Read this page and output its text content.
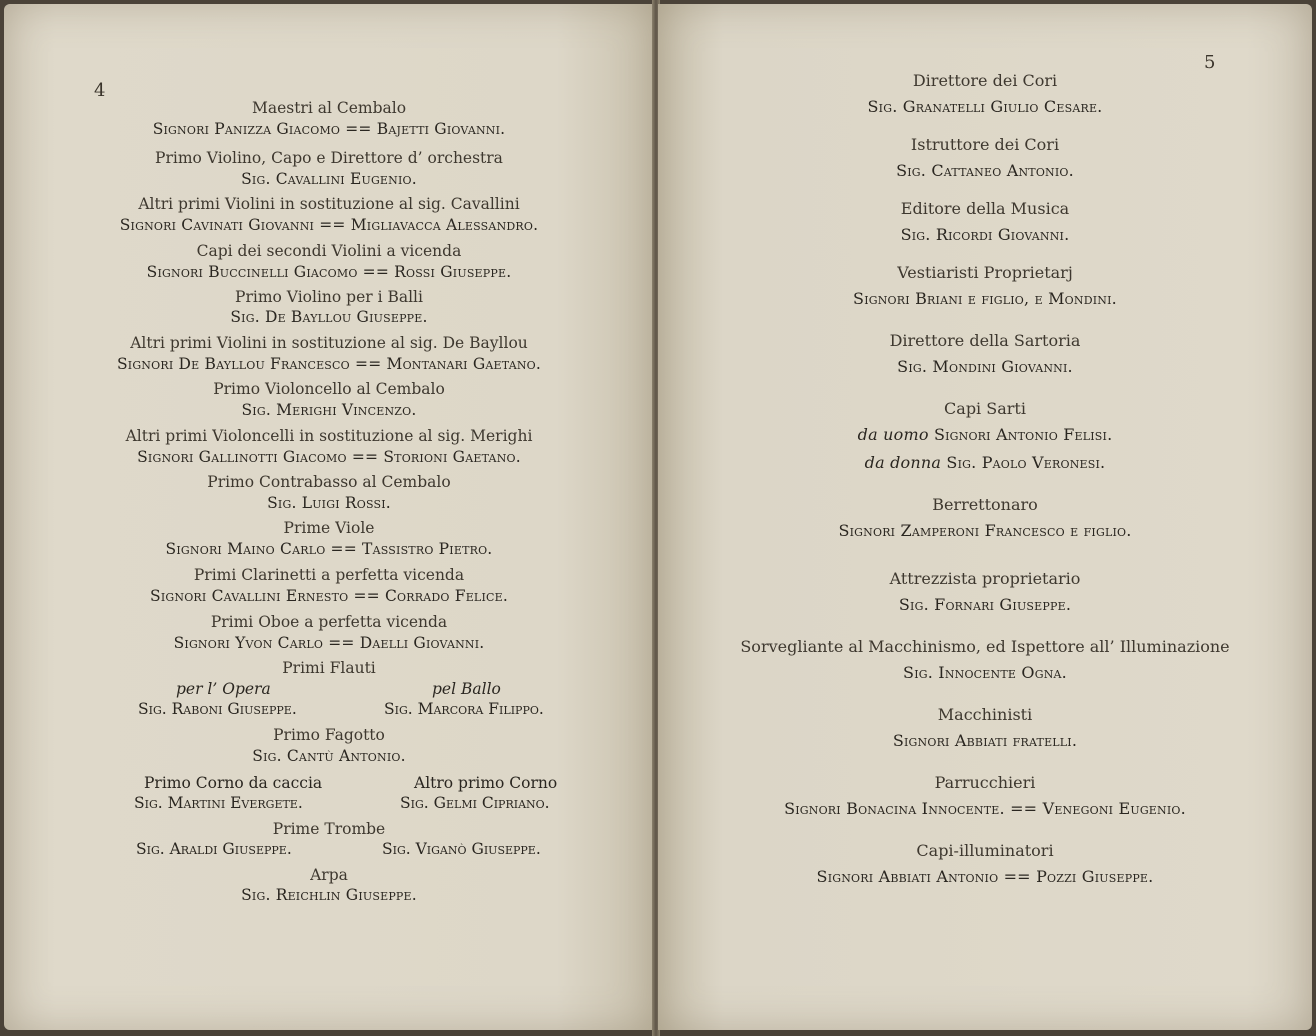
4
Maestri al Cembalo
Signori Panizza Giacomo == Bajetti Giovanni.
Primo Violino, Capo e Direttore d’ orchestra
Sig. Cavallini Eugenio.
Altri primi Violini in sostituzione al sig. Cavallini
Signori Cavinati Giovanni == Migliavacca Alessandro.
Capi dei secondi Violini a vicenda
Signori Buccinelli Giacomo == Rossi Giuseppe.
Primo Violino per i Balli
Sig. De Bayllou Giuseppe.
Altri primi Violini in sostituzione al sig. De Bayllou
Signori De Bayllou Francesco == Montanari Gaetano.
Primo Violoncello al Cembalo
Sig. Merighi Vincenzo.
Altri primi Violoncelli in sostituzione al sig. Merighi
Signori Gallinotti Giacomo == Storioni Gaetano.
Primo Contrabasso al Cembalo
Sig. Luigi Rossi.
Prime Viole
Signori Maino Carlo == Tassistro Pietro.
Primi Clarinetti a perfetta vicenda
Signori Cavallini Ernesto == Corrado Felice.
Primi Oboe a perfetta vicenda
Signori Yvon Carlo == Daelli Giovanni.
Primi Flauti
per l’ Opera	pel Ballo
Sig. Raboni Giuseppe.	Sig. Marcora Filippo.
Primo Fagotto
Sig. Cantù Antonio.
Primo Corno da caccia	Altro primo Corno
Sig. Martini Evergete.	Sig. Gelmi Cipriano.
Prime Trombe
Sig. Araldi Giuseppe.	Sig. Viganò Giuseppe.
Arpa
Sig. Reichlin Giuseppe.
5
Direttore dei Cori
Sig. Granatelli Giulio Cesare.
Istruttore dei Cori
Sig. Cattaneo Antonio.
Editore della Musica
Sig. Ricordi Giovanni.
Vestiaristi Proprietarj
Signori Briani e figlio, e Mondini.
Direttore della Sartoria
Sig. Mondini Giovanni.
Capi Sarti
da uomo Signori Antonio Felisi.
da donna Sig. Paolo Veronesi.
Berrettonaro
Signori Zamperoni Francesco e figlio.
Attrezzista proprietario
Sig. Fornari Giuseppe.
Sorvegliante al Macchinismo, ed Ispettore all’ Illuminazione
Sig. Innocente Ogna.
Macchinisti
Signori Abbiati fratelli.
Parrucchieri
Signori Bonacina Innocente. == Venegoni Eugenio.
Capi-illuminatori
Signori Abbiati Antonio == Pozzi Giuseppe.
